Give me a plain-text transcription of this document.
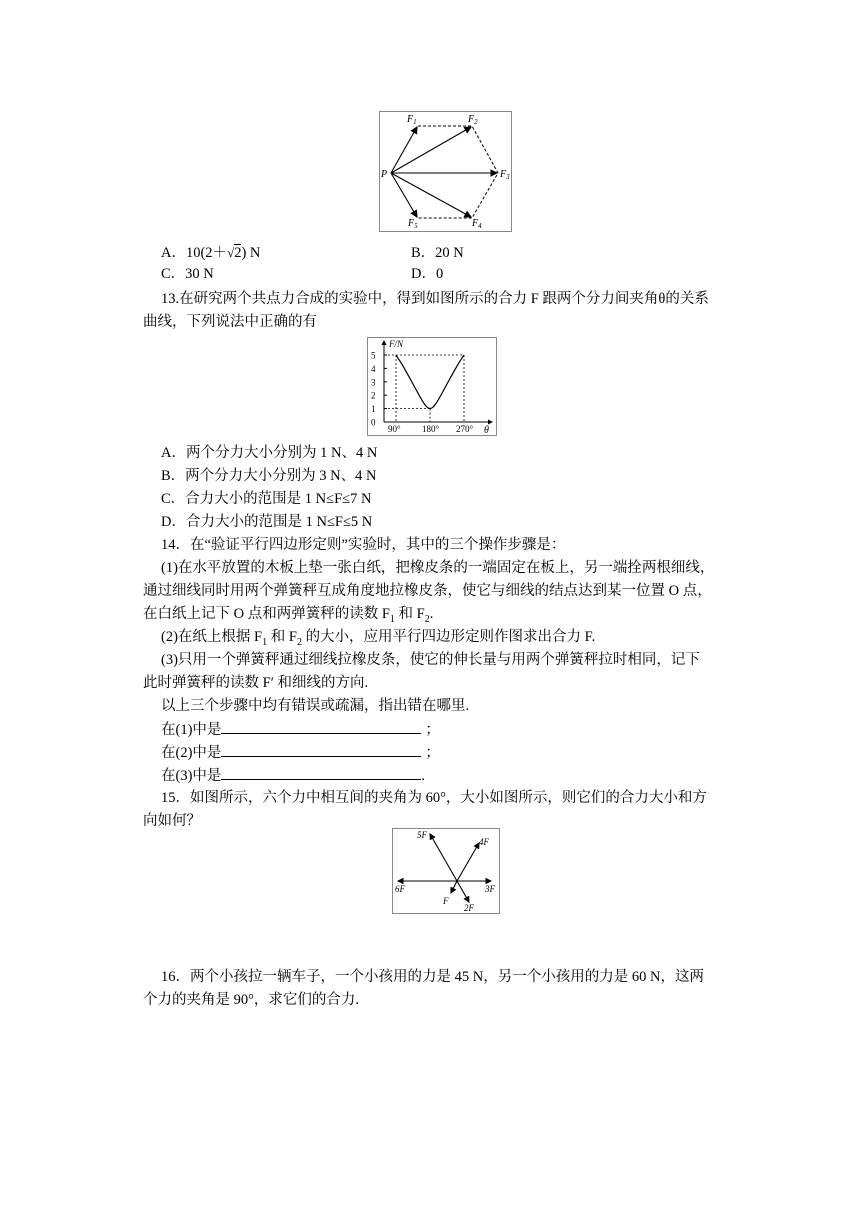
P
$F_1$	$F_2$
$F_3$
$F_4$
$F_5$
A．10(2＋√2) N	B．20 N
C．30 N	D．0
13.在研究两个共点力合成的实验中，得到如图所示的合力 F 跟两个分力间夹角θ的关系
曲线，下列说法中正确的有
0
1
2
3
4
5
90° 180° 270°
F/N
θ
A．两个分力大小分别为 1 N、4 N
B．两个分力大小分别为 3 N、4 N
C．合力大小的范围是 1 N≤F≤7 N
D．合力大小的范围是 1 N≤F≤5 N
14．在“验证平行四边形定则”实验时，其中的三个操作步骤是：
(1)在水平放置的木板上垫一张白纸，把橡皮条的一端固定在板上，另一端拴两根细线，
通过细线同时用两个弹簧秤互成角度地拉橡皮条，使它与细线的结点达到某一位置 O 点，
在白纸上记下 O 点和两弹簧秤的读数 $F_1$ 和 $F_2$.
(2)在纸上根据 $F_1$ 和 $F_2$ 的大小，应用平行四边形定则作图求出合力 F.
(3)只用一个弹簧秤通过细线拉橡皮条，使它的伸长量与用两个弹簧秤拉时相同，记下
此时弹簧秤的读数 F′ 和细线的方向.
以上三个步骤中均有错误或疏漏，指出错在哪里.
在(1)中是	；
在(2)中是	；
在(3)中是	.
15．如图所示，六个力中相互间的夹角为 60°，大小如图所示，则它们的合力大小和方
向如何？
5F
4F
6F	3F
F
2F
16．两个小孩拉一辆车子，一个小孩用的力是 45 N，另一个小孩用的力是 60 N，这两
个力的夹角是 90°，求它们的合力.
